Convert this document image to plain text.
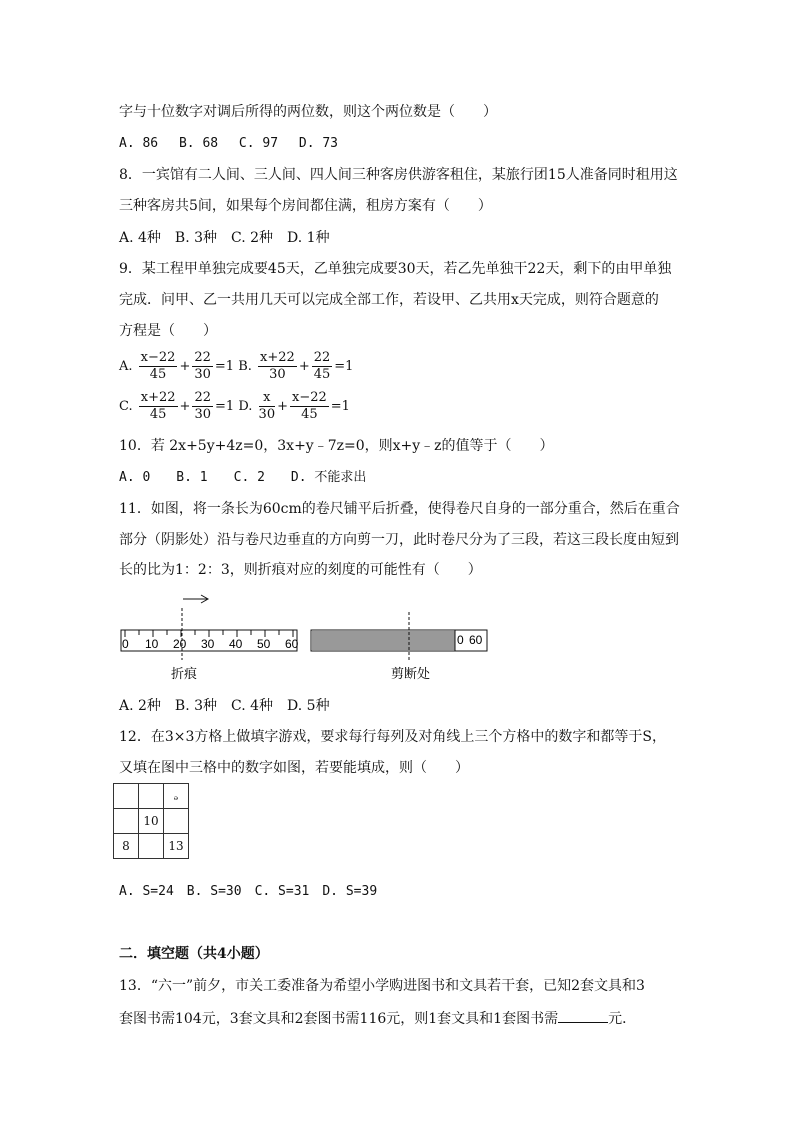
字与十位数字对调后所得的两位数，则这个两位数是（　　）
A. 86　 B. 68　 C. 97　 D. 73
8．一宾馆有二人间、三人间、四人间三种客房供游客租住，某旅行团15人准备同时租用这
三种客房共5间，如果每个房间都住满，租房方案有（　　）
A. 4种　B. 3种　C. 2种　D. 1种
9．某工程甲单独完成要45天，乙单独完成要30天，若乙先单独干22天，剩下的由甲单独
完成．问甲、乙一共用几天可以完成全部工作，若设甲、乙共用x天完成，则符合题意的
方程是（　　）
A. $\frac{x-22}{45} + \frac{22}{30} =1$ B. $\frac{x+22}{30} + \frac{22}{45} =1$
C. $\frac{x+22}{45} + \frac{22}{30} =1$ D. $\frac{x}{30} + \frac{x-22}{45} =1$
10．若 2x+5y+4z=0，3x+y﹣7z=0，则x+y﹣z的值等于（　　）
A. 0　　B. 1　　C. 2　　D. 不能求出
11．如图，将一条长为60cm的卷尺铺平后折叠，使得卷尺自身的一部分重合，然后在重合
部分（阴影处）沿与卷尺边垂直的方向剪一刀，此时卷尺分为了三段，若这三段长度由短到
长的比为1：2：3，则折痕对应的刻度的可能性有（　　）
0 10 20 30 40 50 60
折痕
0 60
剪断处
A. 2种　B. 3种　C. 4种　D. 5种
12．在3×3方格上做填字游戏，要求每行每列及对角线上三个方格中的数字和都等于S，
又填在图中三格中的数字如图，若要能填成，则（　　）
		ₔ
	10	
8		13
A. S=24　B. S=30　C. S=31　D. S=39
二．填空题（共4小题）
13．“六一”前夕，市关工委准备为希望小学购进图书和文具若干套，已知2套文具和3
套图书需104元，3套文具和2套图书需116元，则1套文具和1套图书需	元．
